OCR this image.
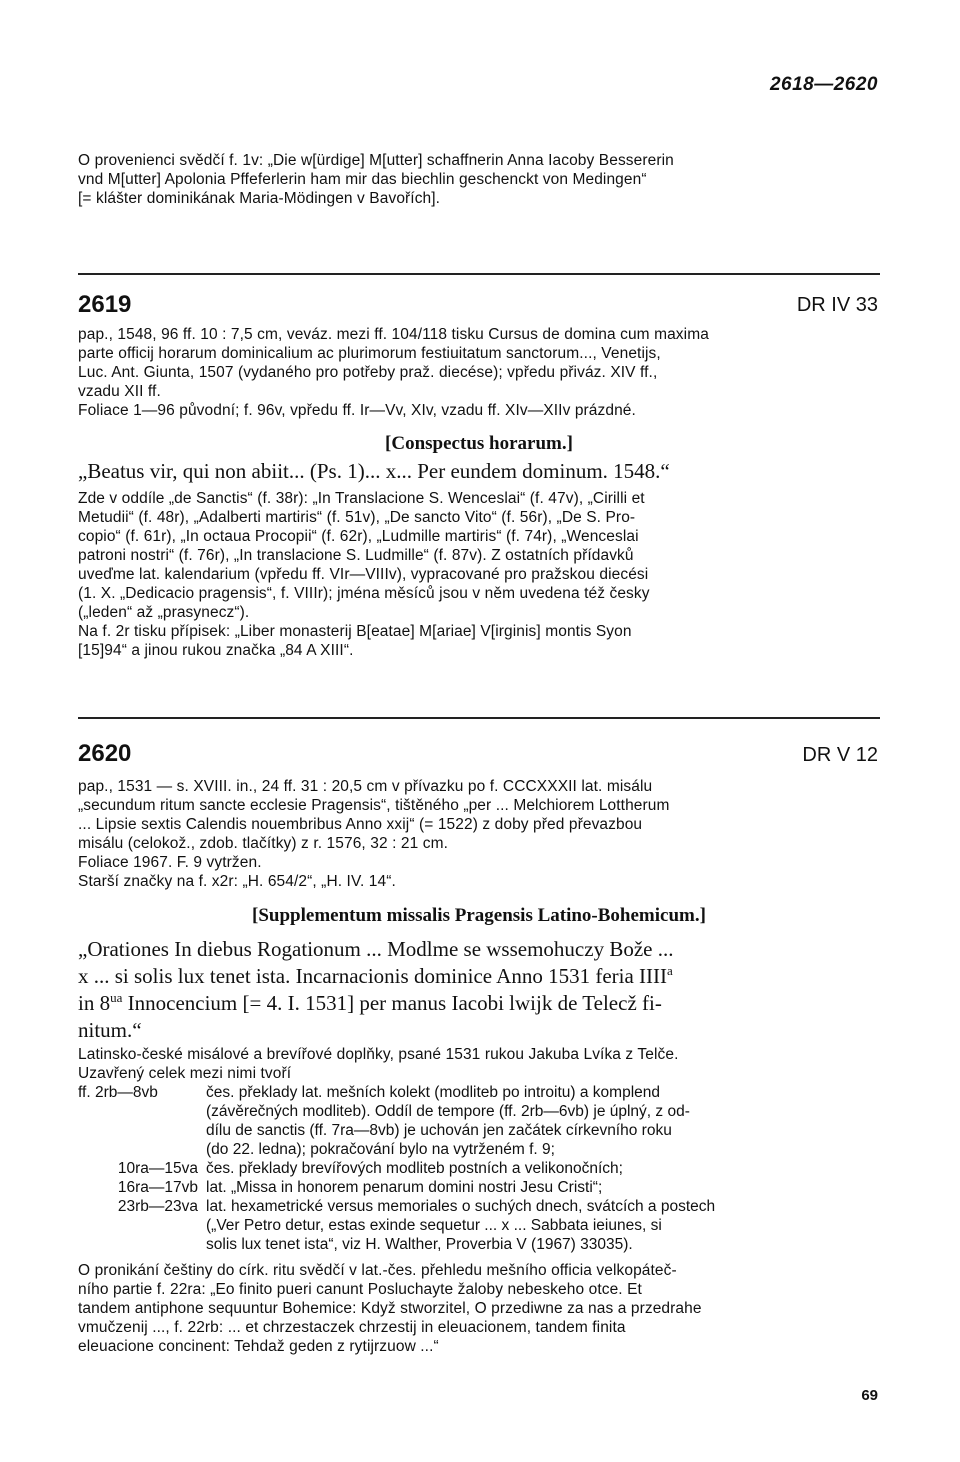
2618—2620

O provenienci svědčí f. 1v: „Die w[ürdige] M[utter] schaffnerin Anna Iacoby Bessererin

vnd M[utter] Apolonia Pffeferlerin ham mir das biechlin geschenckt von Medingen“

[= klášter dominikának Maria-Mödingen v Bavořích].

2619	DR IV 33

pap., 1548, 96 ff. 10 : 7,5 cm, veváz. mezi ff. 104/118 tisku Cursus de domina cum maxima

parte officij horarum dominicalium ac plurimorum festiuitatum sanctorum..., Venetijs,

Luc. Ant. Giunta, 1507 (vydaného pro potřeby praž. diecése); vpředu přiváz. XIV ff.,

vzadu XII ff.

Foliace 1—96 původní; f. 96v, vpředu ff. Ir—Vv, XIv, vzadu ff. XIv—XIIv prázdné.

[Conspectus horarum.]

„Beatus vir, qui non abiit... (Ps. 1)... x... Per eundem dominum. 1548.“

Zde v oddíle „de Sanctis“ (f. 38r): „In Translacione S. Wenceslai“ (f. 47v), „Cirilli et

Metudii“ (f. 48r), „Adalberti martiris“ (f. 51v), „De sancto Vito“ (f. 56r), „De S. Pro-

copio“ (f. 61r), „In octaua Procopii“ (f. 62r), „Ludmille martiris“ (f. 74r), „Wenceslai

patroni nostri“ (f. 76r), „In translacione S. Ludmille“ (f. 87v). Z ostatních přídavků

uveďme lat. kalendarium (vpředu ff. VIr—VIIIv), vypracované pro pražskou diecési

(1. X. „Dedicacio pragensis“, f. VIIIr); jména měsíců jsou v něm uvedena též česky

(„leden“ až „prasynecz“).

Na f. 2r tisku přípisek: „Liber monasterij B[eatae] M[ariae] V[irginis] montis Syon

[15]94“ a jinou rukou značka „84 A XIII“.

2620	DR V 12

pap., 1531 — s. XVIII. in., 24 ff. 31 : 20,5 cm v přívazku po f. CCCXXXII lat. misálu

„secundum ritum sancte ecclesie Pragensis“, tištěného „per ... Melchiorem Lottherum

... Lipsie sextis Calendis nouembribus Anno xxij“ (= 1522) z doby před převazbou

misálu (celokož., zdob. tlačítky) z r. 1576, 32 : 21 cm.

Foliace 1967. F. 9 vytržen.

Starší značky na f. x2r: „H. 654/2“, „H. IV. 14“.

[Supplementum missalis Pragensis Latino-Bohemicum.]

„Orationes In diebus Rogationum ... Modlme se wssemohuczy Bože ...

x ... si solis lux tenet ista. Incarnacionis dominice Anno 1531 feria IIII$^a$

in $8^{ua}$ Innocencium [= 4. I. 1531] per manus Iacobi lwijk de Telecž fi-

nitum.“

Latinsko-české misálové a brevířové doplňky, psané 1531 rukou Jakuba Lvíka z Telče.

Uzavřený celek mezi nimi tvoří

ff. 2rb—8vb	čes. překlady lat. mešních kolekt (modliteb po introitu) a komplend

(závěrečných modliteb). Oddíl de tempore (ff. 2rb—6vb) je úplný, z od-

dílu de sanctis (ff. 7ra—8vb) je uchován jen začátek církevního roku

(do 22. ledna); pokračování bylo na vytrženém f. 9;

10ra—15va čes. překlady brevířových modliteb postních a velikonočních;

16ra—17vb lat. „Missa in honorem penarum domini nostri Jesu Cristi“;

23rb—23va lat. hexametrické versus memoriales o suchých dnech, svátcích a postech

(„Ver Petro detur, estas exinde sequetur ... x ... Sabbata ieiunes, si

solis lux tenet ista“, viz H. Walther, Proverbia V (1967) 33035).

O pronikání češtiny do círk. ritu svědčí v lat.-čes. přehledu mešního officia velkopáteč-

ního partie f. 22ra: „Eo finito pueri canunt Posluchayte žaloby nebeskeho otce. Et

tandem antiphone sequuntur Bohemice: Když stworzitel, O przediwne za nas a przedrahe

vmučzenij ..., f. 22rb: ... et chrzestaczek chrzestij in eleuacionem, tandem finita

eleuacione concinent: Tehdaž geden z rytijrzuow ...“

69
